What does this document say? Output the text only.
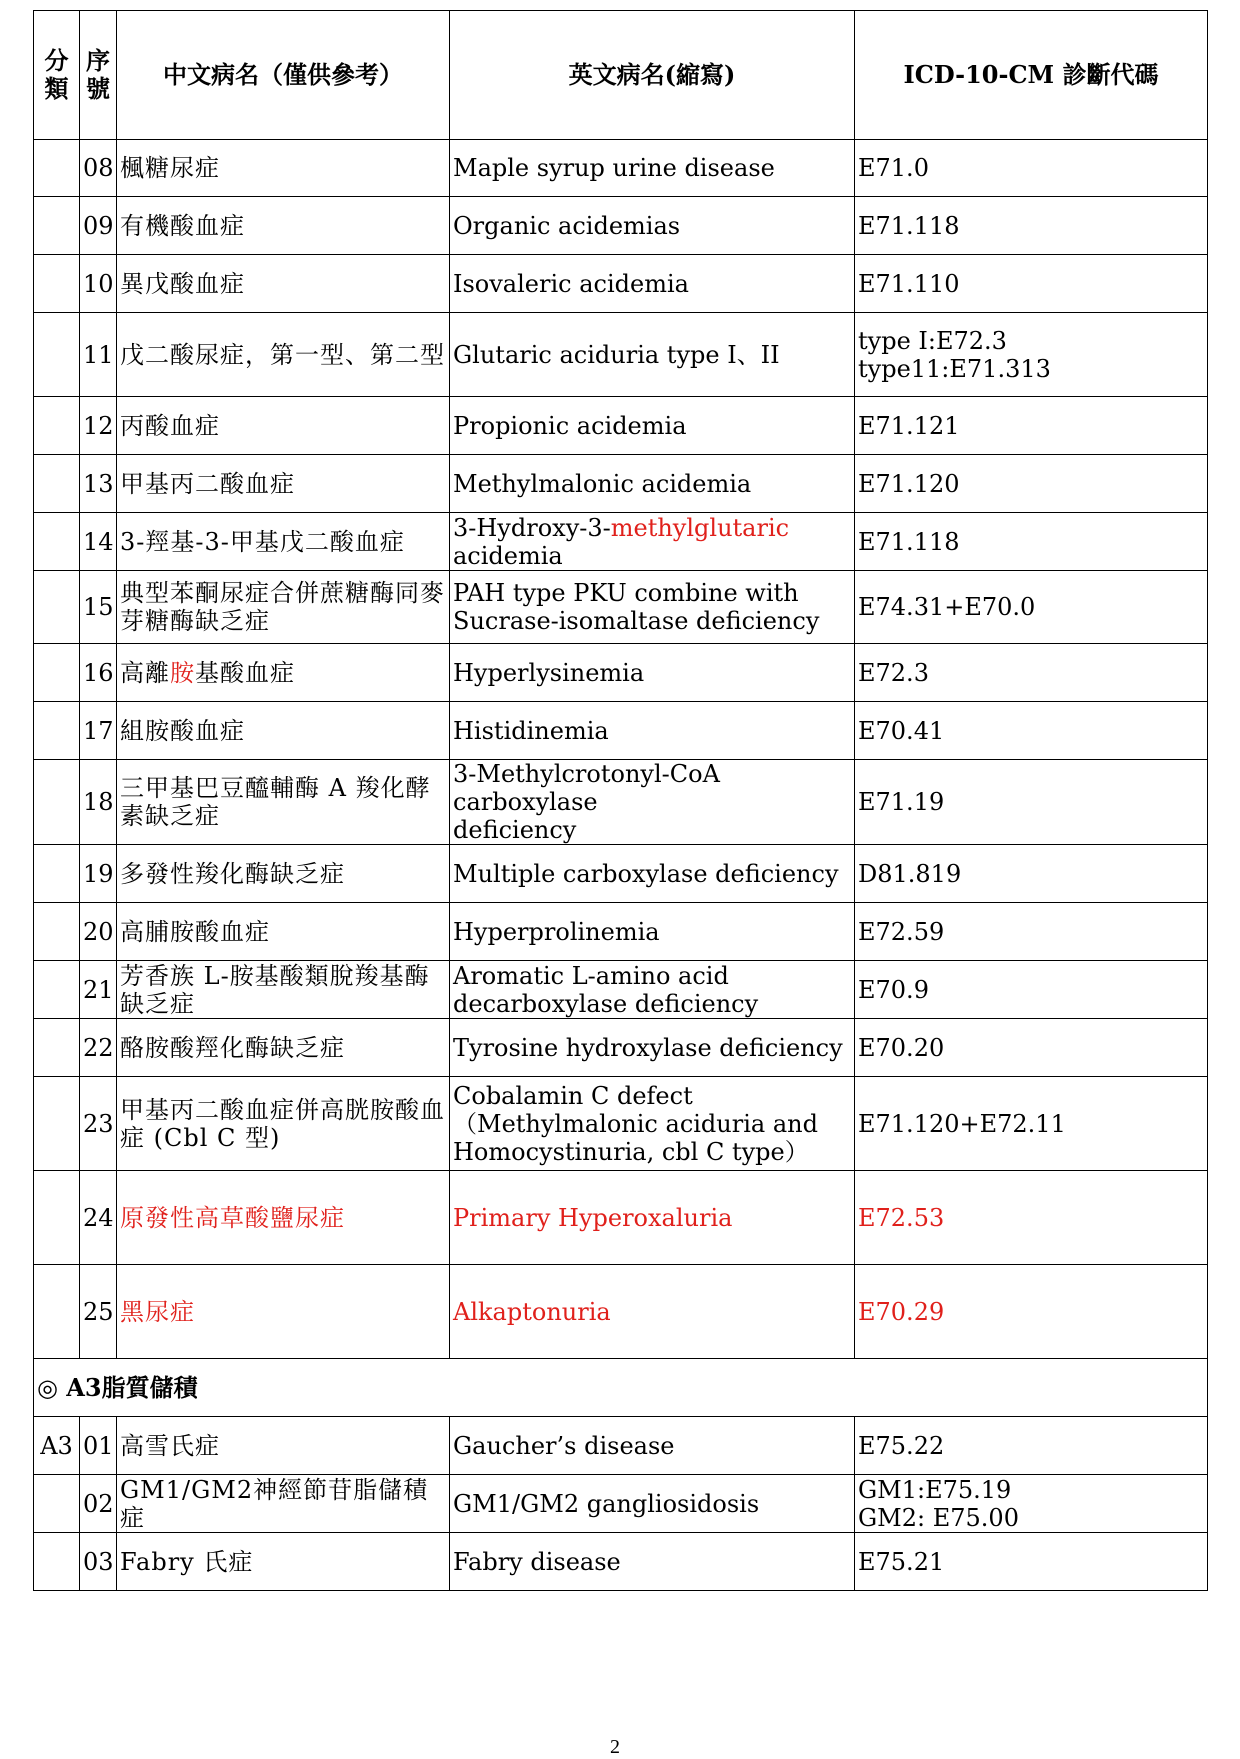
分類	序號	中文病名（僅供參考）	英文病名(縮寫)	ICD-10-CM 診斷代碼
	08	楓糖尿症	Maple syrup urine disease	E71.0
	09	有機酸血症	Organic acidemias	E71.118
	10	異戊酸血症	Isovaleric acidemia	E71.110
	11	戊二酸尿症，第一型、第二型	Glutaric aciduria type I、II	type I:E72.3
type11:E71.313

	12	丙酸血症	Propionic acidemia	E71.121
	13	甲基丙二酸血症	Methylmalonic acidemia	E71.120
	14	3-羥基-3-甲基戊二酸血症	3-Hydroxy-3-methylglutaric
acidemia	E71.118
	15	典型苯酮尿症合併蔗糖酶同麥芽糖酶缺乏症	PAH type PKU combine with
Sucrase-isomaltase deficiency	E74.31+E70.0
	16	高離胺基酸血症	Hyperlysinemia	E72.3
	17	組胺酸血症	Histidinemia	E70.41
	18	三甲基巴豆醯輔酶 A 羧化酵素缺乏症	3-Methylcrotonyl-CoA carboxylase
deficiency	E71.19
	19	多發性羧化酶缺乏症	Multiple carboxylase deficiency	D81.819
	20	高脯胺酸血症	Hyperprolinemia	E72.59
	21	芳香族 L-胺基酸類脫羧基酶缺乏症	Aromatic L-amino acid
decarboxylase deficiency	E70.9
	22	酪胺酸羥化酶缺乏症	Tyrosine hydroxylase deficiency	E70.20
	23	甲基丙二酸血症併高胱胺酸血症 (Cbl C 型)	Cobalamin C defect
（Methylmalonic aciduria and
Homocystinuria, cbl C type）	E71.120+E72.11
	24	原發性高草酸鹽尿症	Primary Hyperoxaluria	E72.53
	25	黑尿症	Alkaptonuria	E70.29
◎ A3脂質儲積				
A3	01	高雪氏症	Gaucher’s disease	E75.22
	02	GM1/GM2神經節苷脂儲積症	GM1/GM2 gangliosidosis	GM1:E75.19
GM2: E75.00

	03	Fabry 氏症	Fabry disease	E75.21
2
